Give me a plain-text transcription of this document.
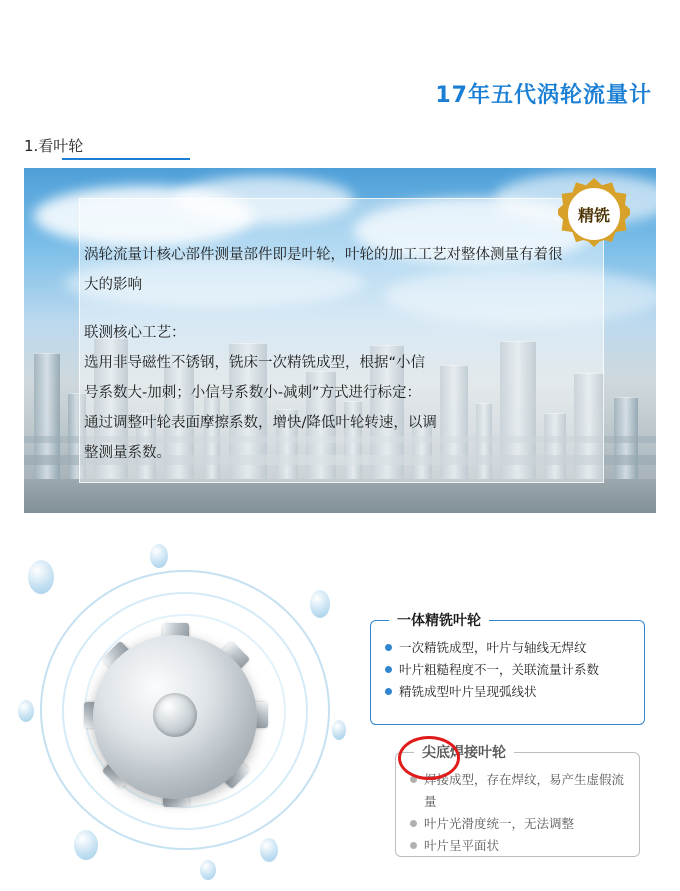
17年五代涡轮流量计
1.看叶轮
精铣

涡轮流量计核心部件测量部件即是叶轮，叶轮的加工工艺对整体测量有着很大的影响

联测核心工艺：

选用非导磁性不锈钢，铣床一次精铣成型，根据“小信

号系数大-加刺；小信号系数小-减刺”方式进行标定：

通过调整叶轮表面摩擦系数，增快/降低叶轮转速，以调

整测量系数。

一体精铣叶轮
一次精铣成型，叶片与轴线无焊纹
叶片粗糙程度不一，关联流量计系数
精铣成型叶片呈现弧线状
尖底焊接叶轮
焊接成型，存在焊纹，易产生虚假流量
叶片光滑度统一，无法调整
叶片呈平面状
